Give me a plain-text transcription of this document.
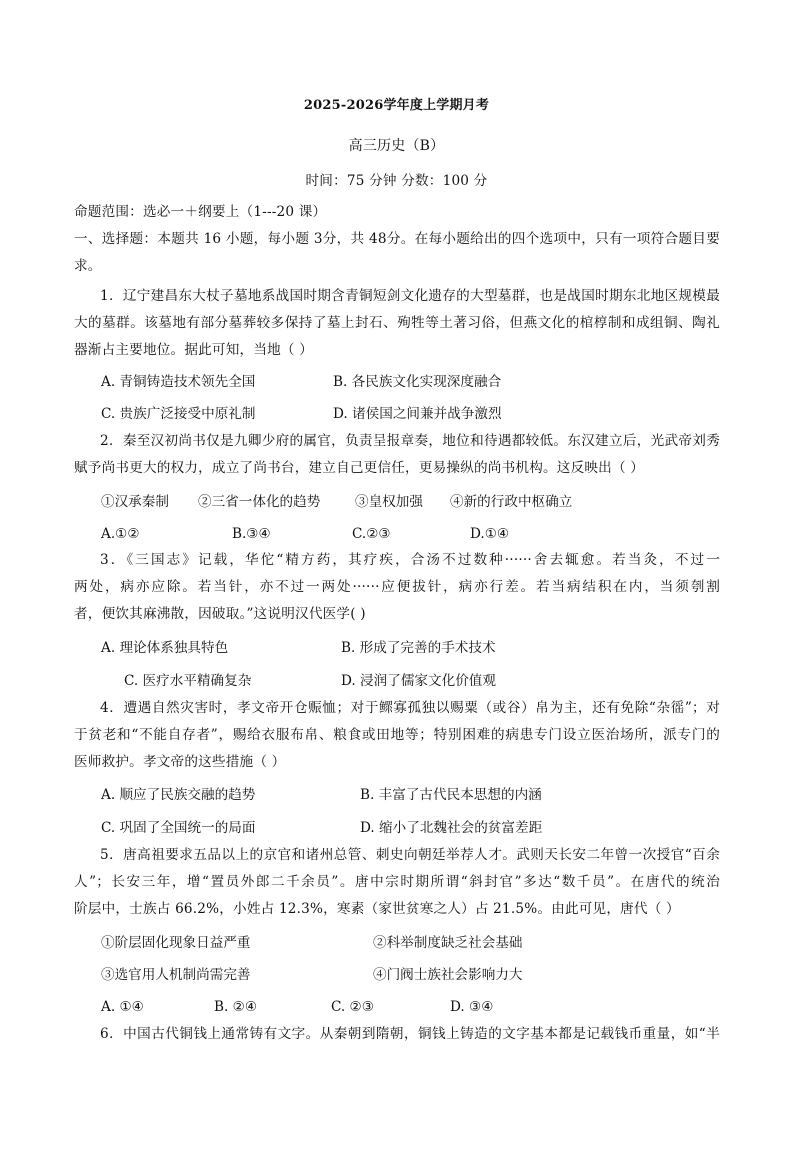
2025-2026学年度上学期月考
高三历史（B）
时间：75 分钟 分数：100 分
命题范围：选必一＋纲要上（1---20 课）
一、选择题：本题共 16 小题，每小题 3分，共 48分。在每小题给出的四个选项中，只有一项符合题目要
求。
1．辽宁建昌东大杖子墓地系战国时期含青铜短剑文化遗存的大型墓群，也是战国时期东北地区规模最
大的墓群。该墓地有部分墓葬较多保持了墓上封石、殉牲等土著习俗，但燕文化的棺椁制和成组铜、陶礼
器渐占主要地位。据此可知，当地（ ）
A. 青铜铸造技术领先全国	B. 各民族文化实现深度融合
C. 贵族广泛接受中原礼制	D. 诸侯国之间兼并战争激烈
2．秦至汉初尚书仅是九卿少府的属官，负责呈报章奏，地位和待遇都较低。东汉建立后，光武帝刘秀
赋予尚书更大的权力，成立了尚书台，建立自己更信任，更易操纵的尚书机构。这反映出（ ）
①汉承秦制 ②三省一体化的趋势	③皇权加强 ④新的行政中枢确立
A.①②	B.③④	C.②③	D.①④
3．《三国志》记载，华佗“精方药，其疗疾，合汤不过数种······舍去辄愈。若当灸，不过一
两处，病亦应除。若当针，亦不过一两处······应便拔针，病亦行差。若当病结积在内，当须刳割
者，便饮其麻沸散，因破取。”这说明汉代医学( )
A. 理论体系独具特色	B. 形成了完善的手术技术
C. 医疗水平精确复杂	D. 浸润了儒家文化价值观
4．遭遇自然灾害时，孝文帝开仓赈恤；对于鳏寡孤独以赐粟（或谷）帛为主，还有免除“杂徭”；对
于贫老和“不能自存者”，赐给衣服布帛、粮食或田地等；特别困难的病患专门设立医治场所，派专门的
医师救护。孝文帝的这些措施（ ）
A. 顺应了民族交融的趋势	B. 丰富了古代民本思想的内涵
C. 巩固了全国统一的局面	D. 缩小了北魏社会的贫富差距
5．唐高祖要求五品以上的京官和诸州总管、刺史向朝廷举荐人才。武则天长安二年曾一次授官“百余
人”；长安三年，增“置员外郎二千余员”。唐中宗时期所谓“斜封官”多达“数千员”。在唐代的统治
阶层中，士族占 66.2%，小姓占 12.3%，寒素（家世贫寒之人）占 21.5%。由此可见，唐代（ ）
①阶层固化现象日益严重	②科举制度缺乏社会基础
③选官用人机制尚需完善	④门阀士族社会影响力大
A. ①④	B. ②④	C. ②③	D. ③④
6．中国古代铜钱上通常铸有文字。从秦朝到隋朝，铜钱上铸造的文字基本都是记载钱币重量，如“半
